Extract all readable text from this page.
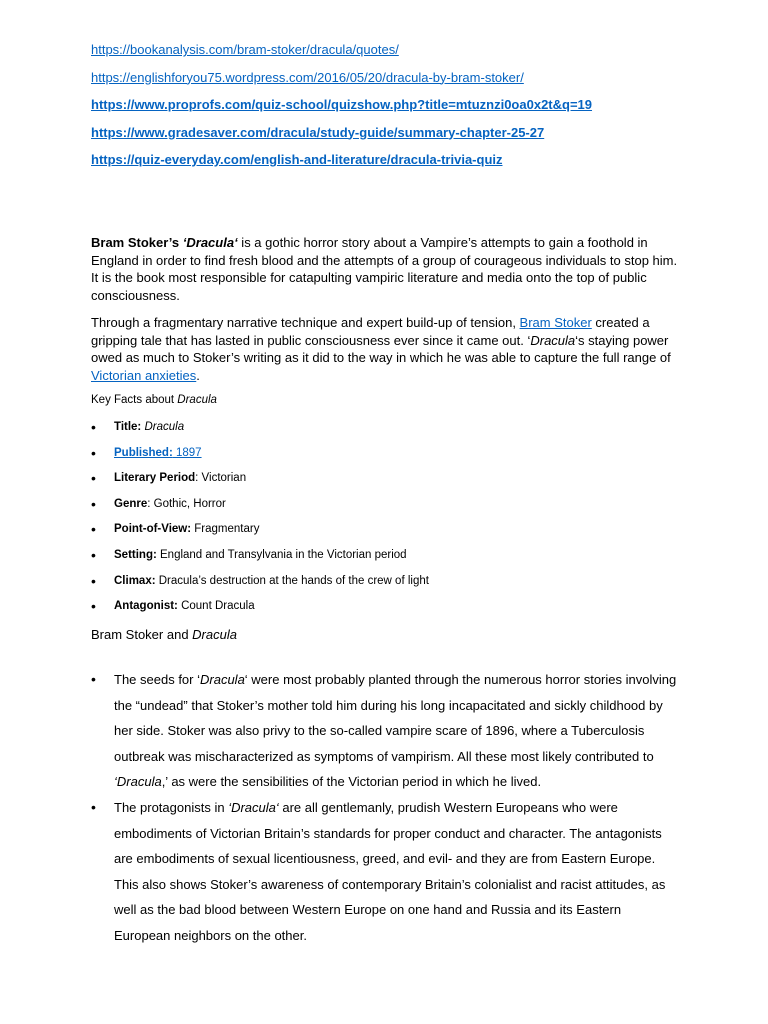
https://bookanalysis.com/bram-stoker/dracula/quotes/
https://englishforyou75.wordpress.com/2016/05/20/dracula-by-bram-stoker/
https://www.proprofs.com/quiz-school/quizshow.php?title=mtuznzi0oa0x2t&q=19
https://www.gradesaver.com/dracula/study-guide/summary-chapter-25-27
https://quiz-everyday.com/english-and-literature/dracula-trivia-quiz

Bram Stoker’s ‘Dracula‘ is a gothic horror story about a Vampire’s attempts to gain a foothold in England in order to find fresh blood and the attempts of a group of courageous individuals to stop him. It is the book most responsible for catapulting vampiric literature and media onto the top of public consciousness.

Through a fragmentary narrative technique and expert build-up of tension, Bram Stoker created a gripping tale that has lasted in public consciousness ever since it came out. ‘Dracula‘s staying power owed as much to Stoker’s writing as it did to the way in which he was able to capture the full range of Victorian anxieties.

Key Facts about Dracula
• Title: Dracula
• Published: 1897
• Literary Period: Victorian
• Genre: Gothic, Horror
• Point-of-View: Fragmentary
• Setting: England and Transylvania in the Victorian period
• Climax: Dracula’s destruction at the hands of the crew of light
• Antagonist: Count Dracula
Bram Stoker and Dracula
• The seeds for ‘Dracula‘ were most probably planted through the numerous horror stories involving the “undead” that Stoker’s mother told him during his long incapacitated and sickly childhood by her side. Stoker was also privy to the so-called vampire scare of 1896, where a Tuberculosis outbreak was mischaracterized as symptoms of vampirism. All these most likely contributed to ‘Dracula,’ as were the sensibilities of the Victorian period in which he lived.
• The protagonists in ‘Dracula‘ are all gentlemanly, prudish Western Europeans who were embodiments of Victorian Britain’s standards for proper conduct and character. The antagonists are embodiments of sexual licentiousness, greed, and evil- and they are from Eastern Europe. This also shows Stoker’s awareness of contemporary Britain’s colonialist and racist attitudes, as well as the bad blood between Western Europe on one hand and Russia and its Eastern European neighbors on the other.
